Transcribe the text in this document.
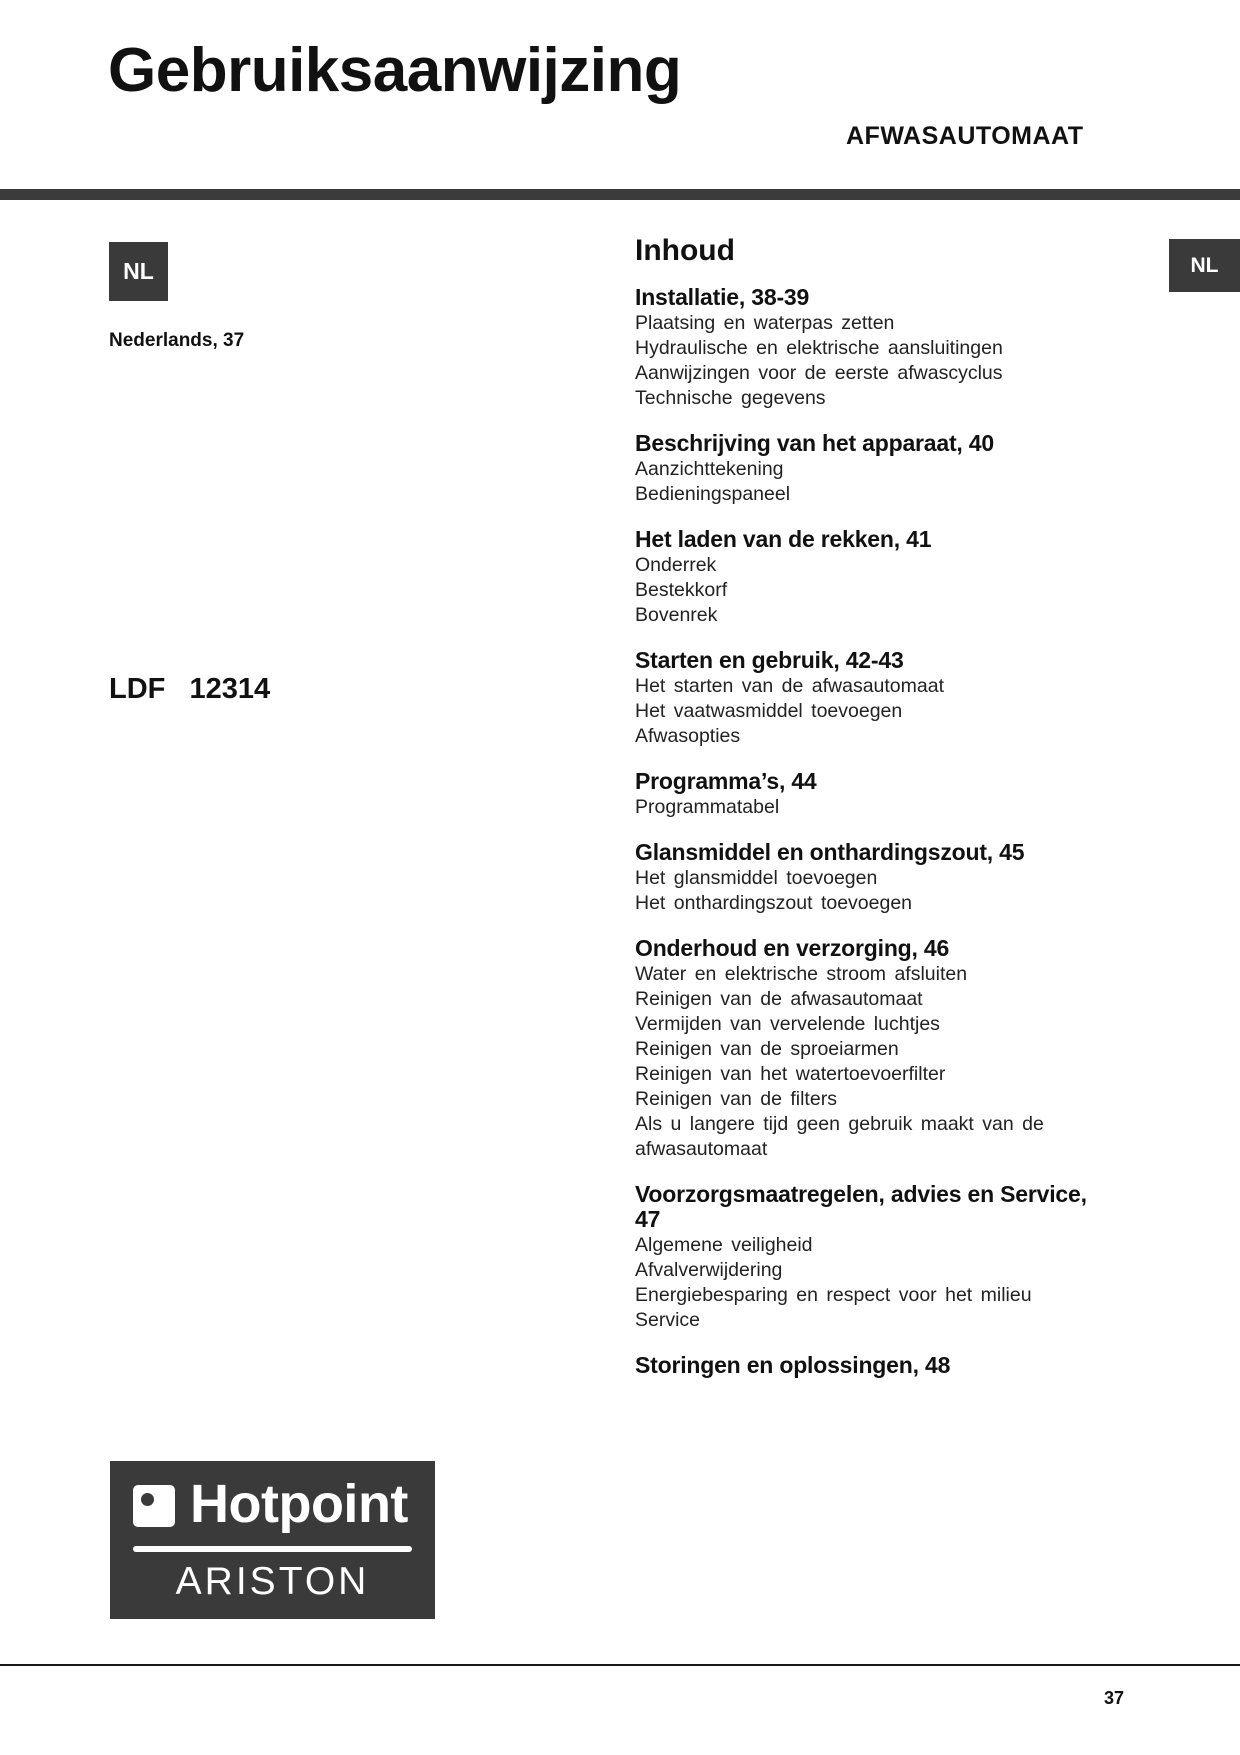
Gebruiksaanwijzing
AFWASAUTOMAAT
NL
Nederlands, 37
LDF   12314
NL
Inhoud
Installatie, 38-39
Plaatsing en waterpas zetten
Hydraulische en elektrische aansluitingen
Aanwijzingen voor de eerste afwascyclus
Technische gegevens
Beschrijving van het apparaat, 40
Aanzichttekening
Bedieningspaneel
Het laden van de rekken, 41
Onderrek
Bestekkorf
Bovenrek
Starten en gebruik, 42-43
Het starten van de afwasautomaat
Het vaatwasmiddel toevoegen
Afwasopties
Programma’s, 44
Programmatabel
Glansmiddel en onthardingszout, 45
Het glansmiddel toevoegen
Het onthardingszout toevoegen
Onderhoud en verzorging, 46
Water en elektrische stroom afsluiten
Reinigen van de afwasautomaat
Vermijden van vervelende luchtjes
Reinigen van de sproeiarmen
Reinigen van het watertoevoerfilter
Reinigen van de filters
Als u langere tijd geen gebruik maakt van de afwasautomaat
Voorzorgsmaatregelen, advies en Service, 47
Algemene veiligheid
Afvalverwijdering
Energiebesparing en respect voor het milieu
Service
Storingen en oplossingen, 48
Hotpoint
ARISTON
37
